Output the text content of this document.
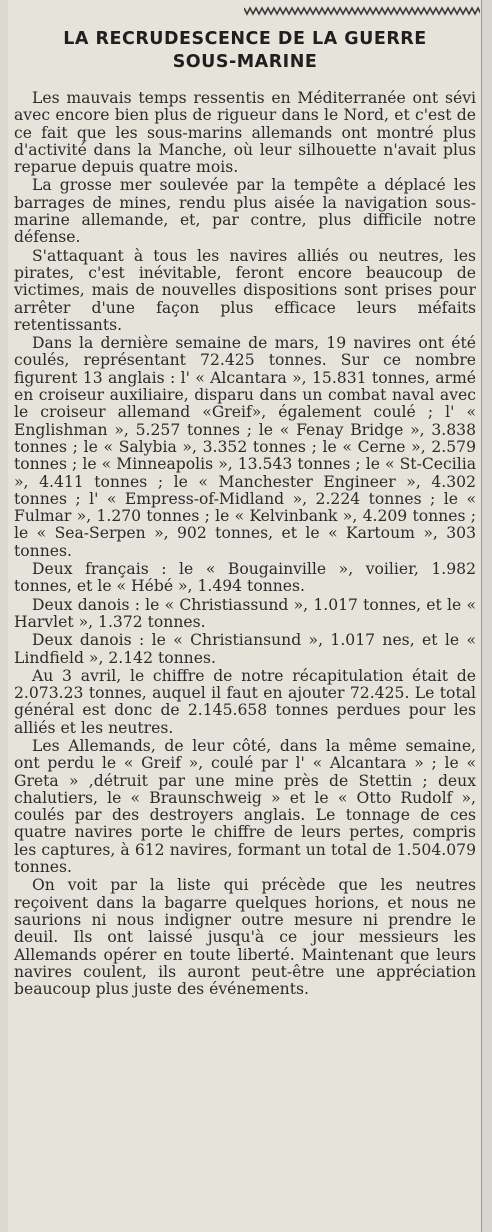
LA RECRUDESCENCE DE LA GUERRE
SOUS-MARINE

Les mauvais temps ressentis en Méditerranée ont sévi avec encore bien plus de rigueur dans le Nord, et c'est de ce fait que les sous-marins allemands ont montré plus d'activité dans la Manche, où leur silhouette n'avait plus reparue depuis quatre mois.

La grosse mer soulevée par la tempête a déplacé les barrages de mines, rendu plus aisée la navigation sous-marine allemande, et, par contre, plus difficile notre défense.

S'attaquant à tous les navires alliés ou neutres, les pirates, c'est inévitable, feront encore beaucoup de victimes, mais de nouvelles dispositions sont prises pour arrêter d'une façon plus efficace leurs méfaits retentissants.

Dans la dernière semaine de mars, 19 navires ont été coulés, représentant 72.425 tonnes. Sur ce nombre figurent 13 anglais : l' « Alcantara », 15.831 tonnes, armé en croiseur auxiliaire, disparu dans un combat naval avec le croiseur allemand «Greif», également coulé ; l' « Englishman », 5.257 tonnes ; le « Fenay Bridge », 3.838 tonnes ; le « Salybia », 3.352 tonnes ; le « Cerne », 2.579 tonnes ; le « Minneapolis », 13.543 tonnes ; le « St-Cecilia », 4.411 tonnes ; le « Manchester Engineer », 4.302 tonnes ; l' « Empress-of-Midland », 2.224 tonnes ; le « Fulmar », 1.270 tonnes ; le « Kelvinbank », 4.209 tonnes ; le « Sea-Serpen », 902 tonnes, et le « Kartoum », 303 tonnes.

Deux français : le « Bougainville », voilier, 1.982 tonnes, et le « Hébé », 1.494 tonnes.

Deux danois : le « Christiassund », 1.017 tonnes, et le « Harvlet », 1.372 tonnes.

Deux danois : le « Christiansund », 1.017 nes, et le « Lindfield », 2.142 tonnes.

Au 3 avril, le chiffre de notre récapitulation était de 2.073.23 tonnes, auquel il faut en ajouter 72.425. Le total général est donc de 2.145.658 tonnes perdues pour les alliés et les neutres.

Les Allemands, de leur côté, dans la même semaine, ont perdu le « Greif », coulé par l' « Alcantara » ; le « Greta » ,détruit par une mine près de Stettin ; deux chalutiers, le « Braunschweig » et le « Otto Rudolf », coulés par des destroyers anglais. Le tonnage de ces quatre navires porte le chiffre de leurs pertes, compris les captures, à 612 navires, formant un total de 1.504.079 tonnes.

On voit par la liste qui précède que les neutres reçoivent dans la bagarre quelques horions, et nous ne saurions ni nous indigner outre mesure ni prendre le deuil. Ils ont laissé jusqu'à ce jour messieurs les Allemands opérer en toute liberté. Maintenant que leurs navires coulent, ils auront peut-être une appréciation beaucoup plus juste des événements.
